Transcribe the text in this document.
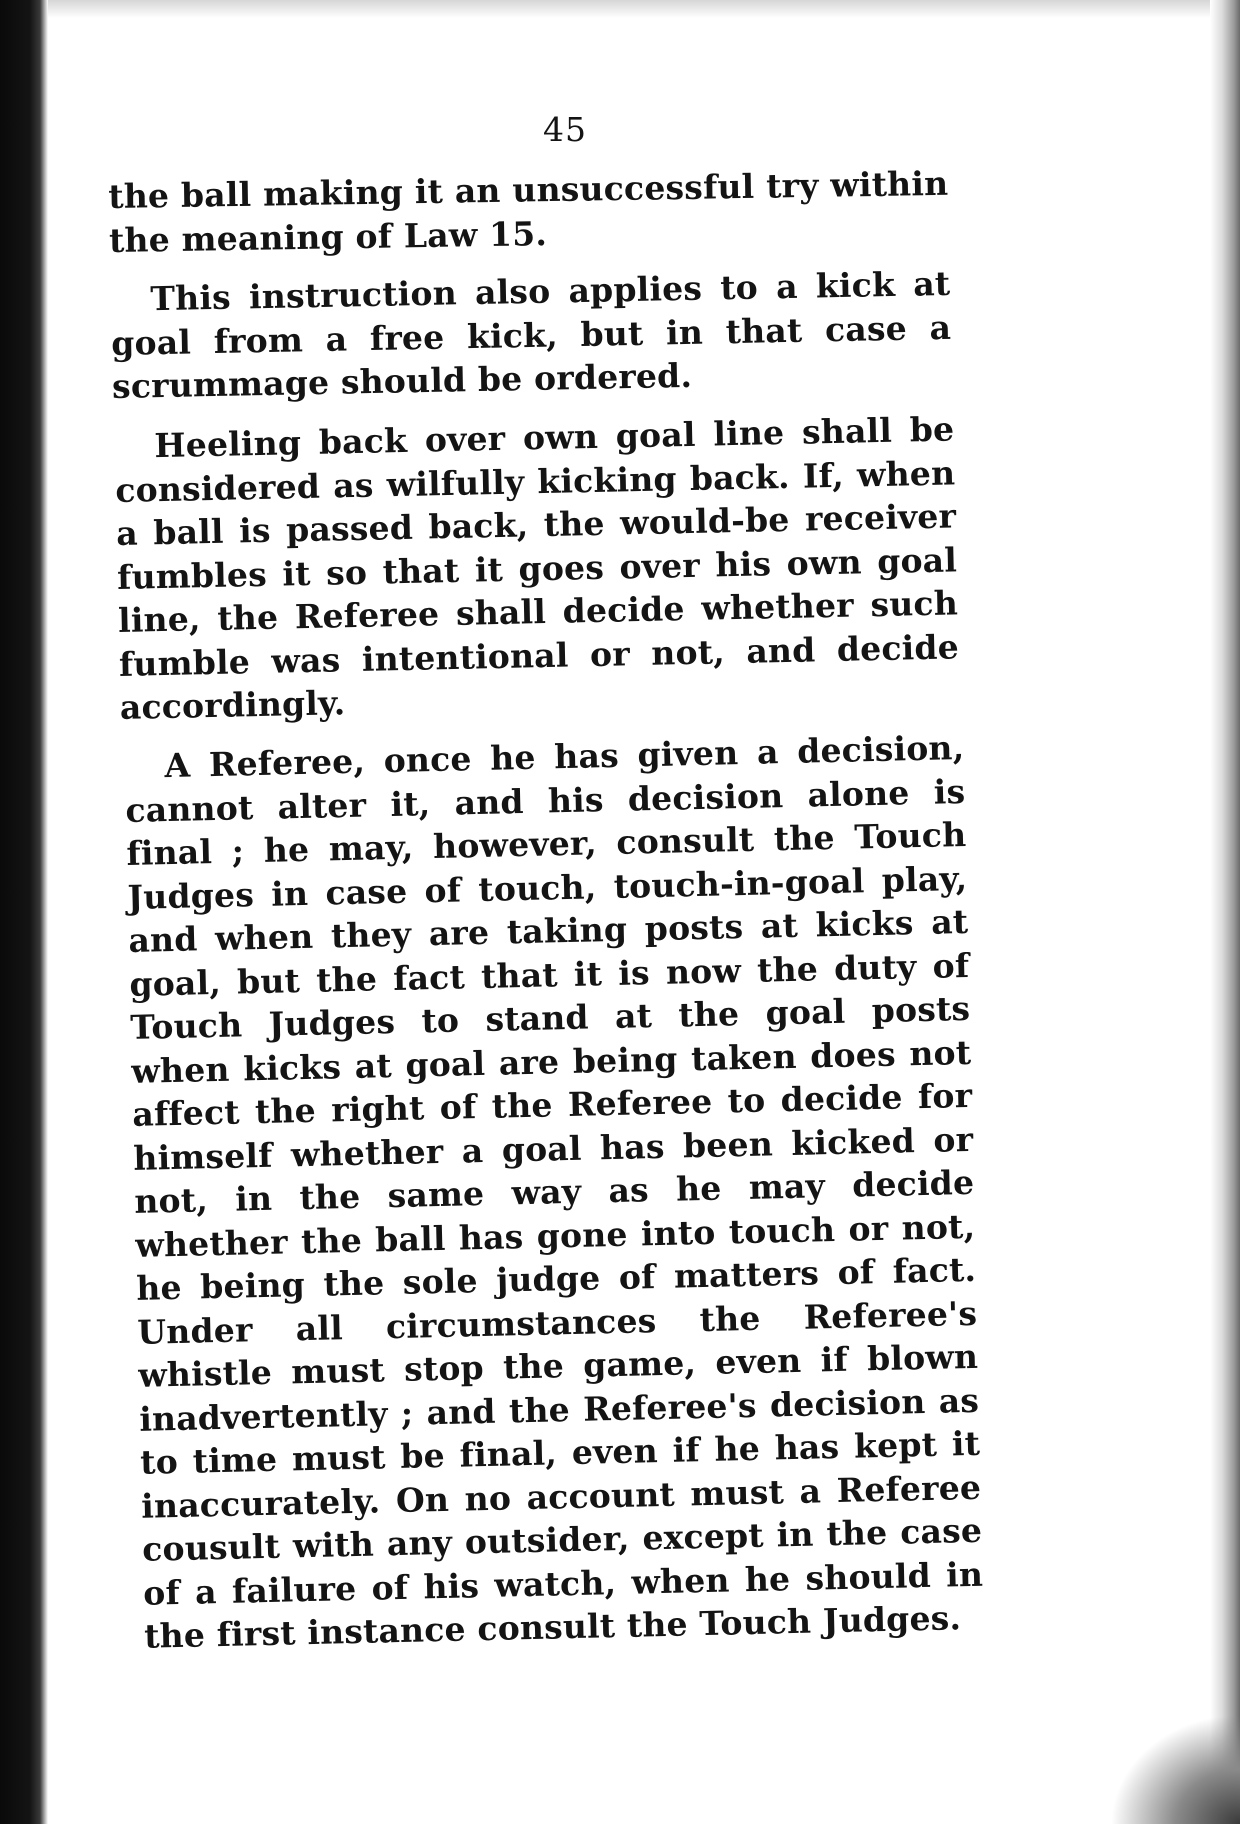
45

the ball making it an unsuccessful try within the meaning of Law 15.

This instruction also applies to a kick at goal from a free kick, but in that case a scrummage should be ordered.

Heeling back over own goal line shall be considered as wilfully kicking back. If, when a ball is passed back, the would-be receiver fumbles it so that it goes over his own goal line, the Referee shall decide whether such fumble was intentional or not, and decide accordingly.

A Referee, once he has given a decision, cannot alter it, and his decision alone is final ; he may, however, consult the Touch Judges in case of touch, touch-in-goal play, and when they are taking posts at kicks at goal, but the fact that it is now the duty of Touch Judges to stand at the goal posts when kicks at goal are being taken does not affect the right of the Referee to decide for himself whether a goal has been kicked or not, in the same way as he may decide whether the ball has gone into touch or not, he being the sole judge of matters of fact. Under all circumstances the Referee's whistle must stop the game, even if blown inadvertently ; and the Referee's decision as to time must be final, even if he has kept it inaccurately. On no account must a Referee cousult with any outsider, except in the case of a failure of his watch, when he should in the first instance consult the Touch Judges.
